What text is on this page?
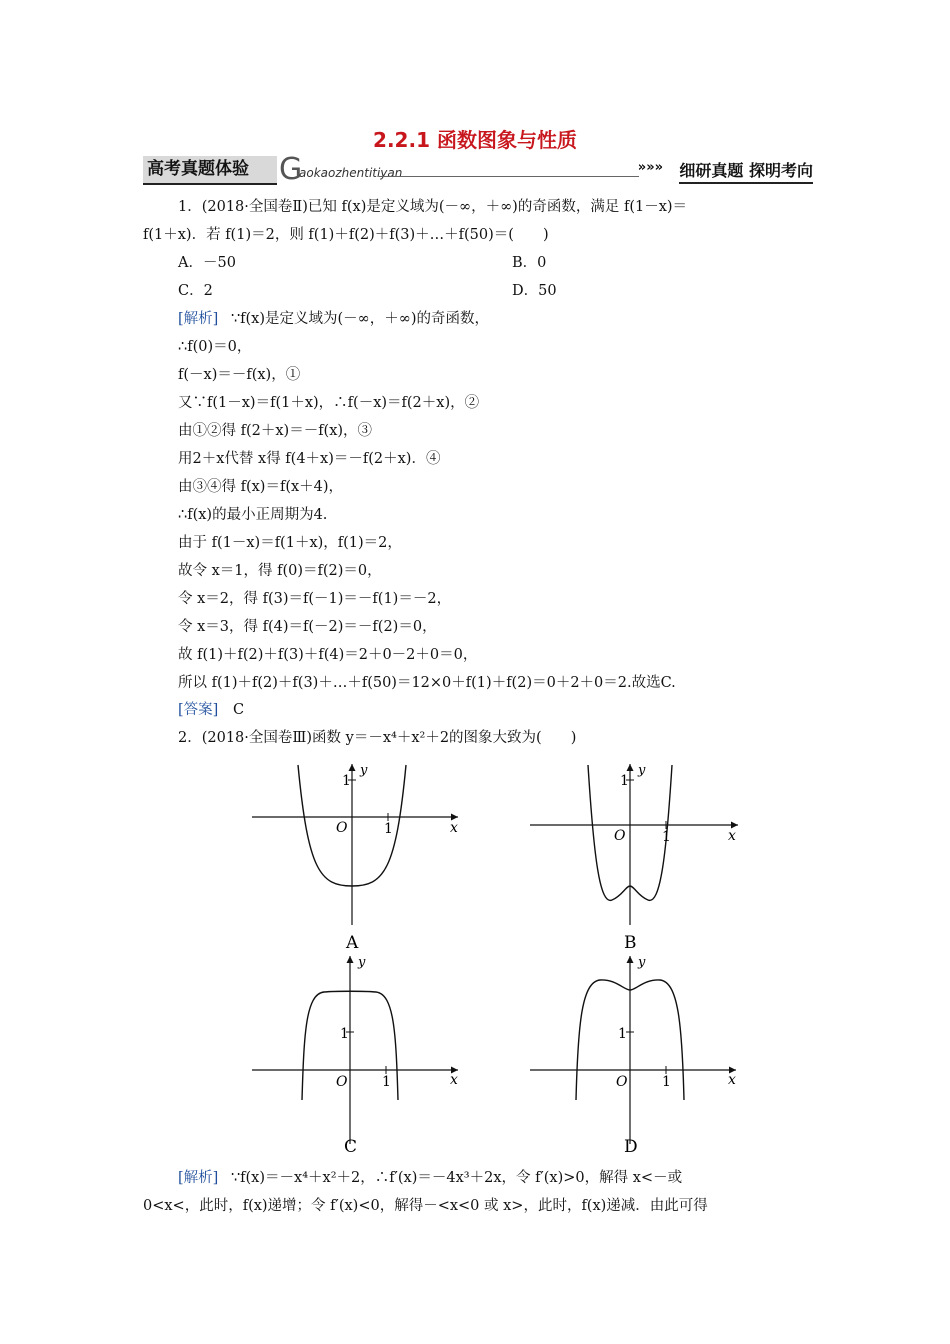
2.2.1 函数图象与性质
高考真题体验	G
aokaozhentitiyan	»»» 细研真题 探明考向
1．(2018·全国卷Ⅱ)已知 f(x)是定义域为(－∞，＋∞)的奇函数，满足 f(1－x)＝
f(1＋x)．若 f(1)＝2，则 f(1)＋f(2)＋f(3)＋…＋f(50)＝(　　)
A．－50	B．0
C．2	D．50
[解析] ∵f(x)是定义域为(－∞，＋∞)的奇函数，
∴f(0)＝0，
f(－x)＝－f(x)，①
又∵f(1－x)＝f(1＋x)，∴f(－x)＝f(2＋x)，②
由①②得 f(2＋x)＝－f(x)，③
用2＋x代替 x得 f(4＋x)＝－f(2＋x)．④
由③④得 f(x)＝f(x＋4)，
∴f(x)的最小正周期为4.
由于 f(1－x)＝f(1＋x)，f(1)＝2，
故令 x＝1，得 f(0)＝f(2)＝0，
令 x＝2，得 f(3)＝f(－1)＝－f(1)＝－2，
令 x＝3，得 f(4)＝f(－2)＝－f(2)＝0，
故 f(1)＋f(2)＋f(3)＋f(4)＝2＋0－2＋0＝0，
所以 f(1)＋f(2)＋f(3)＋…＋f(50)＝12×0＋f(1)＋f(2)＝0＋2＋0＝2.故选C.
[答案] C
2．(2018·全国卷Ⅲ)函数 y＝－x⁴＋x²＋2的图象大致为(　　)
O	1
1
x
y
A
O	1
1
x
y
B
O 1
1
x
y
C
O 1
1
x
y
D
[解析] ∵f(x)＝－x⁴＋x²＋2，∴f′(x)＝－4x³＋2x，令 f′(x)>0，解得 x<－或
0<x<，此时，f(x)递增；令 f′(x)<0，解得－<x<0 或 x>，此时，f(x)递减．由此可得
